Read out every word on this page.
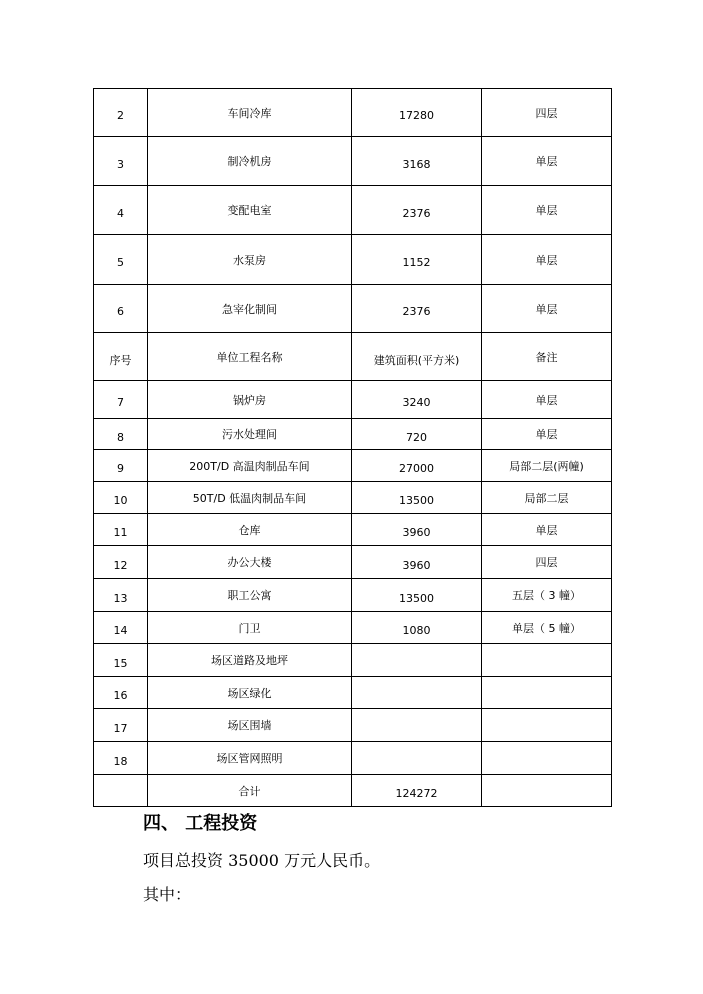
2	车间冷库	17280	四层
3	制冷机房	3168	单层
4	变配电室	2376	单层
5	水泵房	1152	单层
6	急宰化制间	2376	单层
序号	单位工程名称	建筑面积(平方米)	备注
7	锅炉房	3240	单层
8	污水处理间	720	单层
9	200T/D 高温肉制品车间	27000	局部二层(两幢)
10	50T/D 低温肉制品车间	13500	局部二层
11	仓库	3960	单层
12	办公大楼	3960	四层
13	职工公寓	13500	五层（ 3 幢）
14	门卫	1080	单层（ 5 幢）
15	场区道路及地坪		
16	场区绿化		
17	场区围墙		
18	场区管网照明		
	合计	124272	
四、 工程投资
项目总投资 35000 万元人民币。
其中：
